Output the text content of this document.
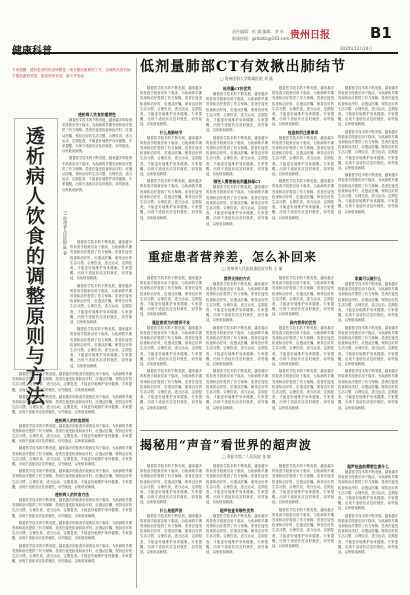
责任编辑：彭 斌 编辑：李 东
新闻热线：gzrbzkb@163.com 贵州日报	B1
2020年12月24日
专家提醒：透析患者的饮食调整是一项长期而重要的工作，合理的饮食有助于提高透析效果、改善营养状况、减少并发症。
透析病人饮食的调整原则与方法	□ 贵州省人民医院 陈 春
透析病人饮食的重要性

随着医学技术的不断发展，越来越多的检查手段被应用于临床，为疾病的早期发现和治疗提供了有力保障。患者在接受检查和治疗时，应遵从医嘱，保持良好的生活习惯，合理饮食，适当运动，定期复查，才能更好地维护身体健康。专家提醒，出现不适症状应及时就医，切勿拖延，以免耽误病情。

随着医学技术的不断发展，越来越多的检查手段被应用于临床，为疾病的早期发现和治疗提供了有力保障。患者在接受检查和治疗时，应遵从医嘱，保持良好的生活习惯，合理饮食，适当运动，定期复查，才能更好地维护身体健康。专家提醒，出现不适症状应及时就医，切勿拖延，以免耽误病情。

随着医学技术的不断发展，越来越多的检查手段被应用于临床，为疾病的早期发现和治疗提供了有力保障。患者在接受检查和治疗时，应遵从医嘱，保持良好的生活习惯，合理饮食，适当运动，定期复查，才能更好地维护身体健康。专家提醒，出现不适症状应及时就医，切勿拖延，以免耽误病情。

随着医学技术的不断发展，越来越多的检查手段被应用于临床，为疾病的早期发现和治疗提供了有力保障。患者在接受检查和治疗时，应遵从医嘱，保持良好的生活习惯，合理饮食，适当运动，定期复查，才能更好地维护身体健康。专家提醒，出现不适症状应及时就医，切勿拖延，以免耽误病情。

随着医学技术的不断发展，越来越多的检查手段被应用于临床，为疾病的早期发现和治疗提供了有力保障。患者在接受检查和治疗时，应遵从医嘱，保持良好的生活习惯，合理饮食，适当运动，定期复查，才能更好地维护身体健康。专家提醒，出现不适症状应及时就医，切勿拖延，以免耽误病情。

随着医学技术的不断发展，越来越多的检查手段被应用于临床，为疾病的早期发现和治疗提供了有力保障。患者在接受检查和治疗时，应遵从医嘱，保持良好的生活习惯，合理饮食，适当运动，定期复查，才能更好地维护身体健康。专家提醒，出现不适症状应及时就医，切勿拖延，以免耽误病情。

随着医学技术的不断发展，越来越多的检查手段被应用于临床，为疾病的早期发现和治疗提供了有力保障。患者在接受检查和治疗时，应遵从医嘱，保持良好的生活习惯，合理饮食，适当运动，定期复查，才能更好地维护身体健康。专家提醒，出现不适症状应及时就医，切勿拖延，以免耽误病情。

透析病人的饮食原则

随着医学技术的不断发展，越来越多的检查手段被应用于临床，为疾病的早期发现和治疗提供了有力保障。患者在接受检查和治疗时，应遵从医嘱，保持良好的生活习惯，合理饮食，适当运动，定期复查，才能更好地维护身体健康。专家提醒，出现不适症状应及时就医，切勿拖延，以免耽误病情。

随着医学技术的不断发展，越来越多的检查手段被应用于临床，为疾病的早期发现和治疗提供了有力保障。患者在接受检查和治疗时，应遵从医嘱，保持良好的生活习惯，合理饮食，适当运动，定期复查，才能更好地维护身体健康。专家提醒，出现不适症状应及时就医，切勿拖延，以免耽误病情。

随着医学技术的不断发展，越来越多的检查手段被应用于临床，为疾病的早期发现和治疗提供了有力保障。患者在接受检查和治疗时，应遵从医嘱，保持良好的生活习惯，合理饮食，适当运动，定期复查，才能更好地维护身体健康。专家提醒，出现不适症状应及时就医，切勿拖延，以免耽误病情。

透析病人的饮食方法

随着医学技术的不断发展，越来越多的检查手段被应用于临床，为疾病的早期发现和治疗提供了有力保障。患者在接受检查和治疗时，应遵从医嘱，保持良好的生活习惯，合理饮食，适当运动，定期复查，才能更好地维护身体健康。专家提醒，出现不适症状应及时就医，切勿拖延，以免耽误病情。

随着医学技术的不断发展，越来越多的检查手段被应用于临床，为疾病的早期发现和治疗提供了有力保障。患者在接受检查和治疗时，应遵从医嘱，保持良好的生活习惯，合理饮食，适当运动，定期复查，才能更好地维护身体健康。专家提醒，出现不适症状应及时就医，切勿拖延，以免耽误病情。

随着医学技术的不断发展，越来越多的检查手段被应用于临床，为疾病的早期发现和治疗提供了有力保障。患者在接受检查和治疗时，应遵从医嘱，保持良好的生活习惯，合理饮食，适当运动，定期复查，才能更好地维护身体健康。专家提醒，出现不适症状应及时就医，切勿拖延，以免耽误病情。

低剂量肺部CT有效揪出肺结节
□ 贵州医科大学附属医院 刘 燕

随着医学技术的不断发展，越来越多的检查手段被应用于临床，为疾病的早期发现和治疗提供了有力保障。患者在接受检查和治疗时，应遵从医嘱，保持良好的生活习惯，合理饮食，适当运动，定期复查，才能更好地维护身体健康。专家提醒，出现不适症状应及时就医，切勿拖延，以免耽误病情。

什么是肺结节

随着医学技术的不断发展，越来越多的检查手段被应用于临床，为疾病的早期发现和治疗提供了有力保障。患者在接受检查和治疗时，应遵从医嘱，保持良好的生活习惯，合理饮食，适当运动，定期复查，才能更好地维护身体健康。专家提醒，出现不适症状应及时就医，切勿拖延，以免耽误病情。

随着医学技术的不断发展，越来越多的检查手段被应用于临床，为疾病的早期发现和治疗提供了有力保障。患者在接受检查和治疗时，应遵从医嘱，保持良好的生活习惯，合理饮食，适当运动，定期复查，才能更好地维护身体健康。专家提醒，出现不适症状应及时就医，切勿拖延，以免耽误病情。

低剂量CT的优势

随着医学技术的不断发展，越来越多的检查手段被应用于临床，为疾病的早期发现和治疗提供了有力保障。患者在接受检查和治疗时，应遵从医嘱，保持良好的生活习惯，合理饮食，适当运动，定期复查，才能更好地维护身体健康。专家提醒，出现不适症状应及时就医，切勿拖延，以免耽误病情。

随着医学技术的不断发展，越来越多的检查手段被应用于临床，为疾病的早期发现和治疗提供了有力保障。患者在接受检查和治疗时，应遵从医嘱，保持良好的生活习惯，合理饮食，适当运动，定期复查，才能更好地维护身体健康。专家提醒，出现不适症状应及时就医，切勿拖延，以免耽误病情。

哪些人需要做低剂量肺部CT

随着医学技术的不断发展，越来越多的检查手段被应用于临床，为疾病的早期发现和治疗提供了有力保障。患者在接受检查和治疗时，应遵从医嘱，保持良好的生活习惯，合理饮食，适当运动，定期复查，才能更好地维护身体健康。专家提醒，出现不适症状应及时就医，切勿拖延，以免耽误病情。

随着医学技术的不断发展，越来越多的检查手段被应用于临床，为疾病的早期发现和治疗提供了有力保障。患者在接受检查和治疗时，应遵从医嘱，保持良好的生活习惯，合理饮食，适当运动，定期复查，才能更好地维护身体健康。专家提醒，出现不适症状应及时就医，切勿拖延，以免耽误病情。

检查前的注意事项

随着医学技术的不断发展，越来越多的检查手段被应用于临床，为疾病的早期发现和治疗提供了有力保障。患者在接受检查和治疗时，应遵从医嘱，保持良好的生活习惯，合理饮食，适当运动，定期复查，才能更好地维护身体健康。专家提醒，出现不适症状应及时就医，切勿拖延，以免耽误病情。

随着医学技术的不断发展，越来越多的检查手段被应用于临床，为疾病的早期发现和治疗提供了有力保障。患者在接受检查和治疗时，应遵从医嘱，保持良好的生活习惯，合理饮食，适当运动，定期复查，才能更好地维护身体健康。专家提醒，出现不适症状应及时就医，切勿拖延，以免耽误病情。

随着医学技术的不断发展，越来越多的检查手段被应用于临床，为疾病的早期发现和治疗提供了有力保障。患者在接受检查和治疗时，应遵从医嘱，保持良好的生活习惯，合理饮食，适当运动，定期复查，才能更好地维护身体健康。专家提醒，出现不适症状应及时就医，切勿拖延，以免耽误病情。

随着医学技术的不断发展，越来越多的检查手段被应用于临床，为疾病的早期发现和治疗提供了有力保障。患者在接受检查和治疗时，应遵从医嘱，保持良好的生活习惯，合理饮食，适当运动，定期复查，才能更好地维护身体健康。专家提醒，出现不适症状应及时就医，切勿拖延，以免耽误病情。

随着医学技术的不断发展，越来越多的检查手段被应用于临床，为疾病的早期发现和治疗提供了有力保障。患者在接受检查和治疗时，应遵从医嘱，保持良好的生活习惯，合理饮食，适当运动，定期复查，才能更好地维护身体健康。专家提醒，出现不适症状应及时就医，切勿拖延，以免耽误病情。

重症患者营养差，怎么补回来
□ 贵州省人民医院重症医学科 王 丽

随着医学技术的不断发展，越来越多的检查手段被应用于临床，为疾病的早期发现和治疗提供了有力保障。患者在接受检查和治疗时，应遵从医嘱，保持良好的生活习惯，合理饮食，适当运动，定期复查，才能更好地维护身体健康。专家提醒，出现不适症状应及时就医，切勿拖延，以免耽误病情。

重症患者为何营养不良

随着医学技术的不断发展，越来越多的检查手段被应用于临床，为疾病的早期发现和治疗提供了有力保障。患者在接受检查和治疗时，应遵从医嘱，保持良好的生活习惯，合理饮食，适当运动，定期复查，才能更好地维护身体健康。专家提醒，出现不适症状应及时就医，切勿拖延，以免耽误病情。

随着医学技术的不断发展，越来越多的检查手段被应用于临床，为疾病的早期发现和治疗提供了有力保障。患者在接受检查和治疗时，应遵从医嘱，保持良好的生活习惯，合理饮食，适当运动，定期复查，才能更好地维护身体健康。专家提醒，出现不适症状应及时就医，切勿拖延，以免耽误病情。

营养支持的方式

随着医学技术的不断发展，越来越多的检查手段被应用于临床，为疾病的早期发现和治疗提供了有力保障。患者在接受检查和治疗时，应遵从医嘱，保持良好的生活习惯，合理饮食，适当运动，定期复查，才能更好地维护身体健康。专家提醒，出现不适症状应及时就医，切勿拖延，以免耽误病情。

随着医学技术的不断发展，越来越多的检查手段被应用于临床，为疾病的早期发现和治疗提供了有力保障。患者在接受检查和治疗时，应遵从医嘱，保持良好的生活习惯，合理饮食，适当运动，定期复查，才能更好地维护身体健康。专家提醒，出现不适症状应及时就医，切勿拖延，以免耽误病情。

随着医学技术的不断发展，越来越多的检查手段被应用于临床，为疾病的早期发现和治疗提供了有力保障。患者在接受检查和治疗时，应遵从医嘱，保持良好的生活习惯，合理饮食，适当运动，定期复查，才能更好地维护身体健康。专家提醒，出现不适症状应及时就医，切勿拖延，以免耽误病情。

随着医学技术的不断发展，越来越多的检查手段被应用于临床，为疾病的早期发现和治疗提供了有力保障。患者在接受检查和治疗时，应遵从医嘱，保持良好的生活习惯，合理饮食，适当运动，定期复查，才能更好地维护身体健康。专家提醒，出现不适症状应及时就医，切勿拖延，以免耽误病情。

肠内营养的优势

随着医学技术的不断发展，越来越多的检查手段被应用于临床，为疾病的早期发现和治疗提供了有力保障。患者在接受检查和治疗时，应遵从医嘱，保持良好的生活习惯，合理饮食，适当运动，定期复查，才能更好地维护身体健康。专家提醒，出现不适症状应及时就医，切勿拖延，以免耽误病情。

随着医学技术的不断发展，越来越多的检查手段被应用于临床，为疾病的早期发现和治疗提供了有力保障。患者在接受检查和治疗时，应遵从医嘱，保持良好的生活习惯，合理饮食，适当运动，定期复查，才能更好地维护身体健康。专家提醒，出现不适症状应及时就医，切勿拖延，以免耽误病情。

家属可以做什么

随着医学技术的不断发展，越来越多的检查手段被应用于临床，为疾病的早期发现和治疗提供了有力保障。患者在接受检查和治疗时，应遵从医嘱，保持良好的生活习惯，合理饮食，适当运动，定期复查，才能更好地维护身体健康。专家提醒，出现不适症状应及时就医，切勿拖延，以免耽误病情。

随着医学技术的不断发展，越来越多的检查手段被应用于临床，为疾病的早期发现和治疗提供了有力保障。患者在接受检查和治疗时，应遵从医嘱，保持良好的生活习惯，合理饮食，适当运动，定期复查，才能更好地维护身体健康。专家提醒，出现不适症状应及时就医，切勿拖延，以免耽误病情。

随着医学技术的不断发展，越来越多的检查手段被应用于临床，为疾病的早期发现和治疗提供了有力保障。患者在接受检查和治疗时，应遵从医嘱，保持良好的生活习惯，合理饮食，适当运动，定期复查，才能更好地维护身体健康。专家提醒，出现不适症状应及时就医，切勿拖延，以免耽误病情。

揭秘用“声音”看世界的超声波
□ 贵阳市第二人民医院 张 敏

随着医学技术的不断发展，越来越多的检查手段被应用于临床，为疾病的早期发现和治疗提供了有力保障。患者在接受检查和治疗时，应遵从医嘱，保持良好的生活习惯，合理饮食，适当运动，定期复查，才能更好地维护身体健康。专家提醒，出现不适症状应及时就医，切勿拖延，以免耽误病情。

什么是超声波

随着医学技术的不断发展，越来越多的检查手段被应用于临床，为疾病的早期发现和治疗提供了有力保障。患者在接受检查和治疗时，应遵从医嘱，保持良好的生活习惯，合理饮食，适当运动，定期复查，才能更好地维护身体健康。专家提醒，出现不适症状应及时就医，切勿拖延，以免耽误病情。

随着医学技术的不断发展，越来越多的检查手段被应用于临床，为疾病的早期发现和治疗提供了有力保障。患者在接受检查和治疗时，应遵从医嘱，保持良好的生活习惯，合理饮食，适当运动，定期复查，才能更好地维护身体健康。专家提醒，出现不适症状应及时就医，切勿拖延，以免耽误病情。

超声检查有哪些优势

随着医学技术的不断发展，越来越多的检查手段被应用于临床，为疾病的早期发现和治疗提供了有力保障。患者在接受检查和治疗时，应遵从医嘱，保持良好的生活习惯，合理饮食，适当运动，定期复查，才能更好地维护身体健康。专家提醒，出现不适症状应及时就医，切勿拖延，以免耽误病情。

随着医学技术的不断发展，越来越多的检查手段被应用于临床，为疾病的早期发现和治疗提供了有力保障。患者在接受检查和治疗时，应遵从医嘱，保持良好的生活习惯，合理饮食，适当运动，定期复查，才能更好地维护身体健康。专家提醒，出现不适症状应及时就医，切勿拖延，以免耽误病情。

随着医学技术的不断发展，越来越多的检查手段被应用于临床，为疾病的早期发现和治疗提供了有力保障。患者在接受检查和治疗时，应遵从医嘱，保持良好的生活习惯，合理饮食，适当运动，定期复查，才能更好地维护身体健康。专家提醒，出现不适症状应及时就医，切勿拖延，以免耽误病情。

超声检查前需要注意什么

随着医学技术的不断发展，越来越多的检查手段被应用于临床，为疾病的早期发现和治疗提供了有力保障。患者在接受检查和治疗时，应遵从医嘱，保持良好的生活习惯，合理饮食，适当运动，定期复查，才能更好地维护身体健康。专家提醒，出现不适症状应及时就医，切勿拖延，以免耽误病情。

随着医学技术的不断发展，越来越多的检查手段被应用于临床，为疾病的早期发现和治疗提供了有力保障。患者在接受检查和治疗时，应遵从医嘱，保持良好的生活习惯，合理饮食，适当运动，定期复查，才能更好地维护身体健康。专家提醒，出现不适症状应及时就医，切勿拖延，以免耽误病情。
